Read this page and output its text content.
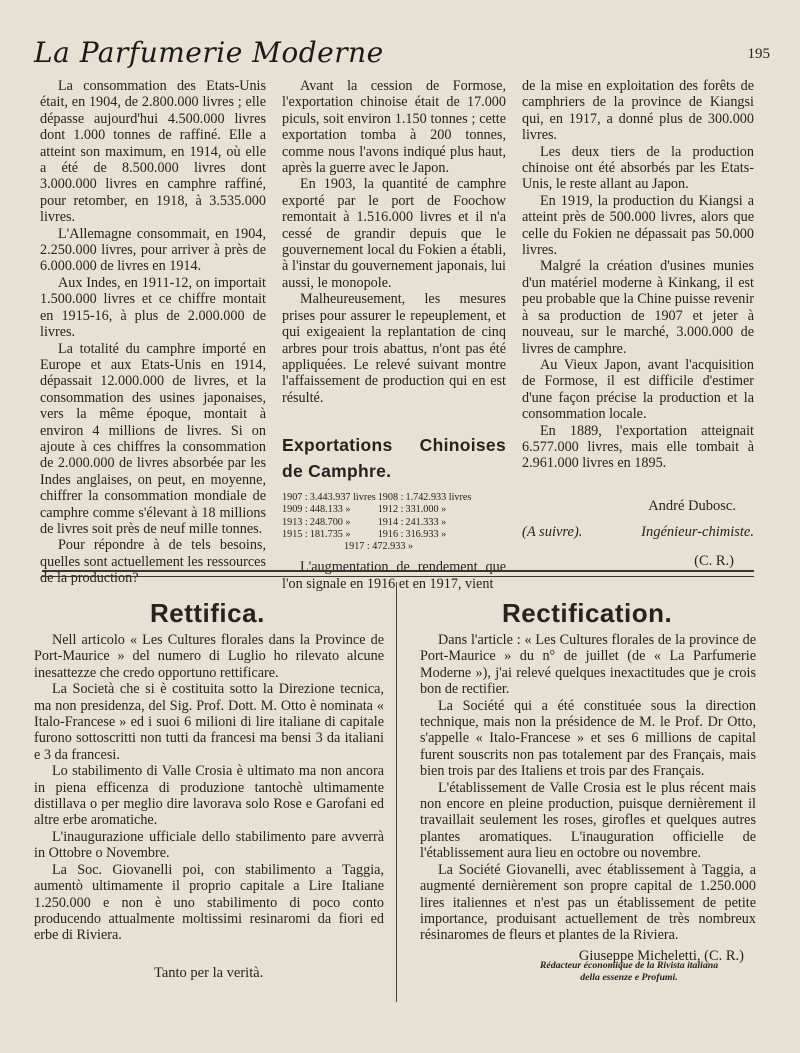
La Parfumerie Moderne	195

La consommation des Etats-Unis était, en 1904, de 2.800.000 livres ; elle dépasse aujourd'hui 4.500.000 livres dont 1.000 tonnes de raffiné. Elle a atteint son maximum, en 1914, où elle a été de 8.500.000 livres dont 3.000.000 livres en camphre raffiné, pour retomber, en 1918, à 3.535.000 livres.

L'Allemagne consommait, en 1904, 2.250.000 livres, pour arriver à près de 6.000.000 de livres en 1914.

Aux Indes, en 1911-12, on importait 1.500.000 livres et ce chiffre montait en 1915-16, à plus de 2.000.000 de livres.

La totalité du camphre importé en Europe et aux Etats-Unis en 1914, dépassait 12.000.000 de livres, et la consommation des usines japonaises, vers la même époque, montait à environ 4 millions de livres. Si on ajoute à ces chiffres la consommation de 2.000.000 de livres absorbée par les Indes anglaises, on peut, en moyenne, chiffrer la consommation mondiale de camphre comme s'élevant à 18 millions de livres soit près de neuf mille tonnes.

Pour répondre à de tels besoins, quelles sont actuellement les ressources de la production?

Avant la cession de Formose, l'exportation chinoise était de 17.000 piculs, soit environ 1.150 tonnes ; cette exportation tomba à 200 tonnes, comme nous l'avons indiqué plus haut, après la guerre avec le Japon.

En 1903, la quantité de camphre exporté par le port de Foochow remontait à 1.516.000 livres et il n'a cessé de grandir depuis que le gouvernement local du Fokien a établi, à l'instar du gouvernement japonais, lui aussi, le monopole.

Malheureusement, les mesures prises pour assurer le repeuplement, et qui exigeaient la replantation de cinq arbres pour trois abattus, n'ont pas été appliquées. Le relevé suivant montre l'affaissement de production qui en est résulté.

Exportations Chinoises de Camphre.
1907 :	3.443.937 livres	1908 :	1.742.933 livres
1909 :	448.133 »	1912 :	331.000 »
1913 :	248.700 »	1914 :	241.333 »
1915 :	181.735 »	1916 :	316.933 »
1917 : 472.933 »			

L'augmentation de rendement que l'on signale en 1916 et en 1917, vient

de la mise en exploitation des forêts de camphriers de la province de Kiangsi qui, en 1917, a donné plus de 300.000 livres.

Les deux tiers de la production chinoise ont été absorbés par les Etats-Unis, le reste allant au Japon.

En 1919, la production du Kiangsi a atteint près de 500.000 livres, alors que celle du Fokien ne dépassait pas 50.000 livres.

Malgré la création d'usines munies d'un matériel moderne à Kinkang, il est peu probable que la Chine puisse revenir à sa production de 1907 et jeter à nouveau, sur le marché, 3.000.000 de livres de camphre.

Au Vieux Japon, avant l'acquisition de Formose, il est difficile d'estimer d'une façon précise la production et la consommation locale.

En 1889, l'exportation atteignait 6.577.000 livres, mais elle tombait à 2.961.000 livres en 1895.

André Dubosc.
(A suivre).	Ingénieur-chimiste.
(C. R.)
Rettifica.	Rectification.

Nell articolo « Les Cultures florales dans la Province de Port-Maurice » del numero di Luglio ho rilevato alcune inesattezze che credo opportuno rettificare.

La Società che si è costituita sotto la Direzione tecnica, ma non presidenza, del Sig. Prof. Dott. M. Otto è nominata « Italo-Francese » ed i suoi 6 milioni di lire italiane di capitale furono sottoscritti non tutti da francesi ma bensi 3 da italiani e 3 da francesi.

Lo stabilimento di Valle Crosia è ultimato ma non ancora in piena efficenza di produzione tantochè ultimamente distillava o per meglio dire lavorava solo Rose e Garofani ed altre erbe aromatiche.

L'inaugurazione ufficiale dello stabilimento pare avverrà in Ottobre o Novembre.

La Soc. Giovanelli poi, con stabilimento a Taggia, aumentò ultimamente il proprio capitale a Lire Italiane 1.250.000 e non è uno stabilimento di poco conto producendo attualmente moltissimi resinaromi da fiori ed erbe di Riviera.

Tanto per la verità.

Dans l'article : « Les Cultures florales de la province de Port-Maurice » du n° de juillet (de « La Parfumerie Moderne »), j'ai relevé quelques inexactitudes que je crois bon de rectifier.

La Société qui a été constituée sous la direction technique, mais non la présidence de M. le Prof. Dr Otto, s'appelle « Italo-Francese » et ses 6 millions de capital furent souscrits non pas totalement par des Français, mais bien trois par des Italiens et trois par des Français.

L'établissement de Valle Crosia est le plus récent mais non encore en pleine production, puisque dernièrement il travaillait seulement les roses, girofles et quelques autres plantes aromatiques. L'inauguration officielle de l'établissement aura lieu en octobre ou novembre.

La Société Giovanelli, avec établissement à Taggia, a augmenté dernièrement son propre capital de 1.250.000 lires italiennes et n'est pas un établissement de petite importance, produisant actuellement de très nombreux résinaromes de fleurs et plantes de la Riviera.

Giuseppe Micheletti, (C. R.)
Rédacteur économique de la Rivista italiana
della essenze e Profumi.
